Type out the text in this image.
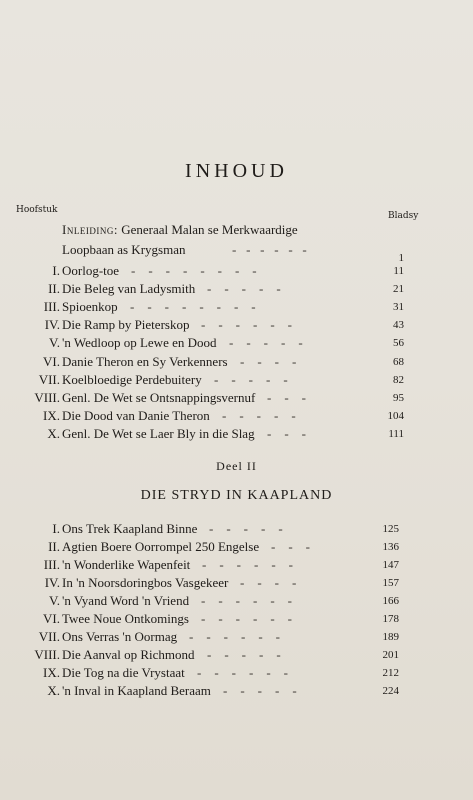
INHOUD
Hoofstuk
Bladsy
Inleiding: Generaal Malan se Merkwaardige
Loopbaan as Krygsman	-   -   -   -   -   -
1
I. Oorlog-toe -    -    -    -    -    -    -    -	11
II. Die Beleg van Ladysmith -    -    -    -    -	21
III. Spioenkop -    -    -    -    -    -    -    -	31
IV. Die Ramp by Pieterskop -    -    -    -    -    -	43
V. 'n Wedloop op Lewe en Dood -    -    -    -    -	56
VI. Danie Theron en Sy Verkenners -    -    -    -	68
VII. Koelbloedige Perdebuitery -    -    -    -    -	82
VIII. Genl. De Wet se Ontsnappingsvernuf -    -    -	95
IX. Die Dood van Danie Theron -    -    -    -    -	104
X. Genl. De Wet se Laer Bly in die Slag -    -    -	111
Deel II
DIE STRYD IN KAAPLAND
I. Ons Trek Kaapland Binne -    -    -    -    -	125
II. Agtien Boere Oorrompel 250 Engelse -    -    -	136
III. 'n Wonderlike Wapenfeit -    -    -    -    -    -	147
IV. In 'n Noorsdoringbos Vasgekeer -    -    -    -	157
V. 'n Vyand Word 'n Vriend -    -    -    -    -    -	166
VI. Twee Noue Ontkomings -    -    -    -    -    -	178
VII. Ons Verras 'n Oormag -    -    -    -    -    -	189
VIII. Die Aanval op Richmond -    -    -    -    -	201
IX. Die Tog na die Vrystaat -    -    -    -    -    -	212
X. 'n Inval in Kaapland Beraam -    -    -    -    -	224
